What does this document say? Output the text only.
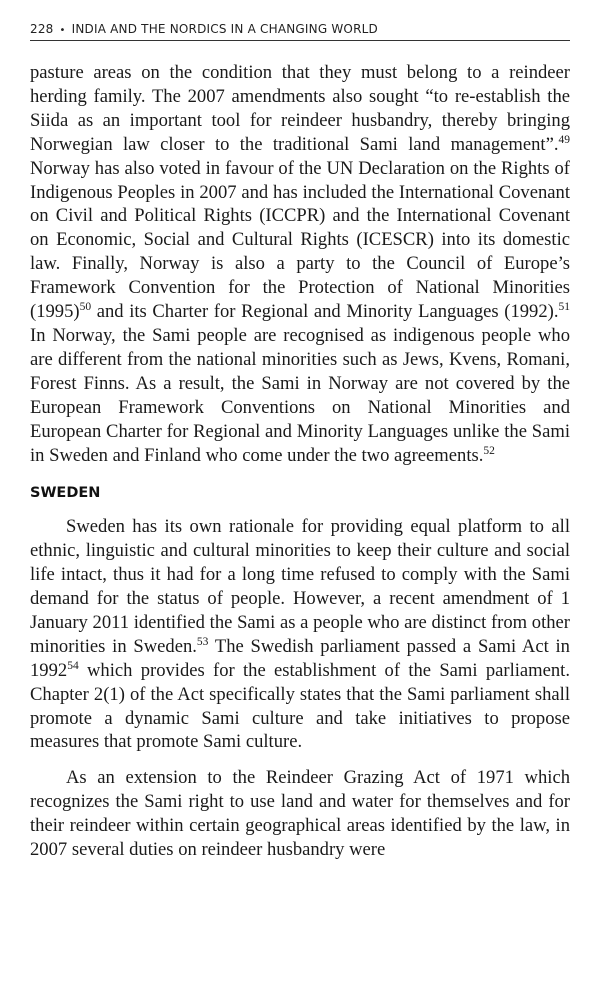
228 • INDIA AND THE NORDICS IN A CHANGING WORLD

pasture areas on the condition that they must belong to a reindeer herding family. The 2007 amendments also sought “to re-establish the Siida as an important tool for reindeer husbandry, thereby bringing Norwegian law closer to the traditional Sami land management”.$^{49}$ Norway has also voted in favour of the UN Declaration on the Rights of Indigenous Peoples in 2007 and has included the International Covenant on Civil and Political Rights (ICCPR) and the International Covenant on Economic, Social and Cultural Rights (ICESCR) into its domestic law. Finally, Norway is also a party to the Council of Europe’s Framework Convention for the Protection of National Minorities $(1995)^{50}$ and its Charter for Regional and Minority Languages (1992).$^{51}$ In Norway, the Sami people are recognised as indigenous people who are different from the national minorities such as Jews, Kvens, Romani, Forest Finns. As a result, the Sami in Norway are not covered by the European Framework Conventions on National Minorities and European Charter for Regional and Minority Languages unlike the Sami in Sweden and Finland who come under the two agreements.$^{52}$

SWEDEN

Sweden has its own rationale for providing equal platform to all ethnic, linguistic and cultural minorities to keep their culture and social life intact, thus it had for a long time refused to comply with the Sami demand for the status of people. However, a recent amendment of 1 January 2011 identified the Sami as a people who are distinct from other minorities in Sweden.$^{53}$ The Swedish parliament passed a Sami Act in 1992$^{54}$ which provides for the establishment of the Sami parliament. Chapter 2(1) of the Act specifically states that the Sami parliament shall promote a dynamic Sami culture and take initiatives to propose measures that promote Sami culture.

As an extension to the Reindeer Grazing Act of 1971 which recognizes the Sami right to use land and water for themselves and for their reindeer within certain geographical areas identified by the law, in 2007 several duties on reindeer husbandry were
